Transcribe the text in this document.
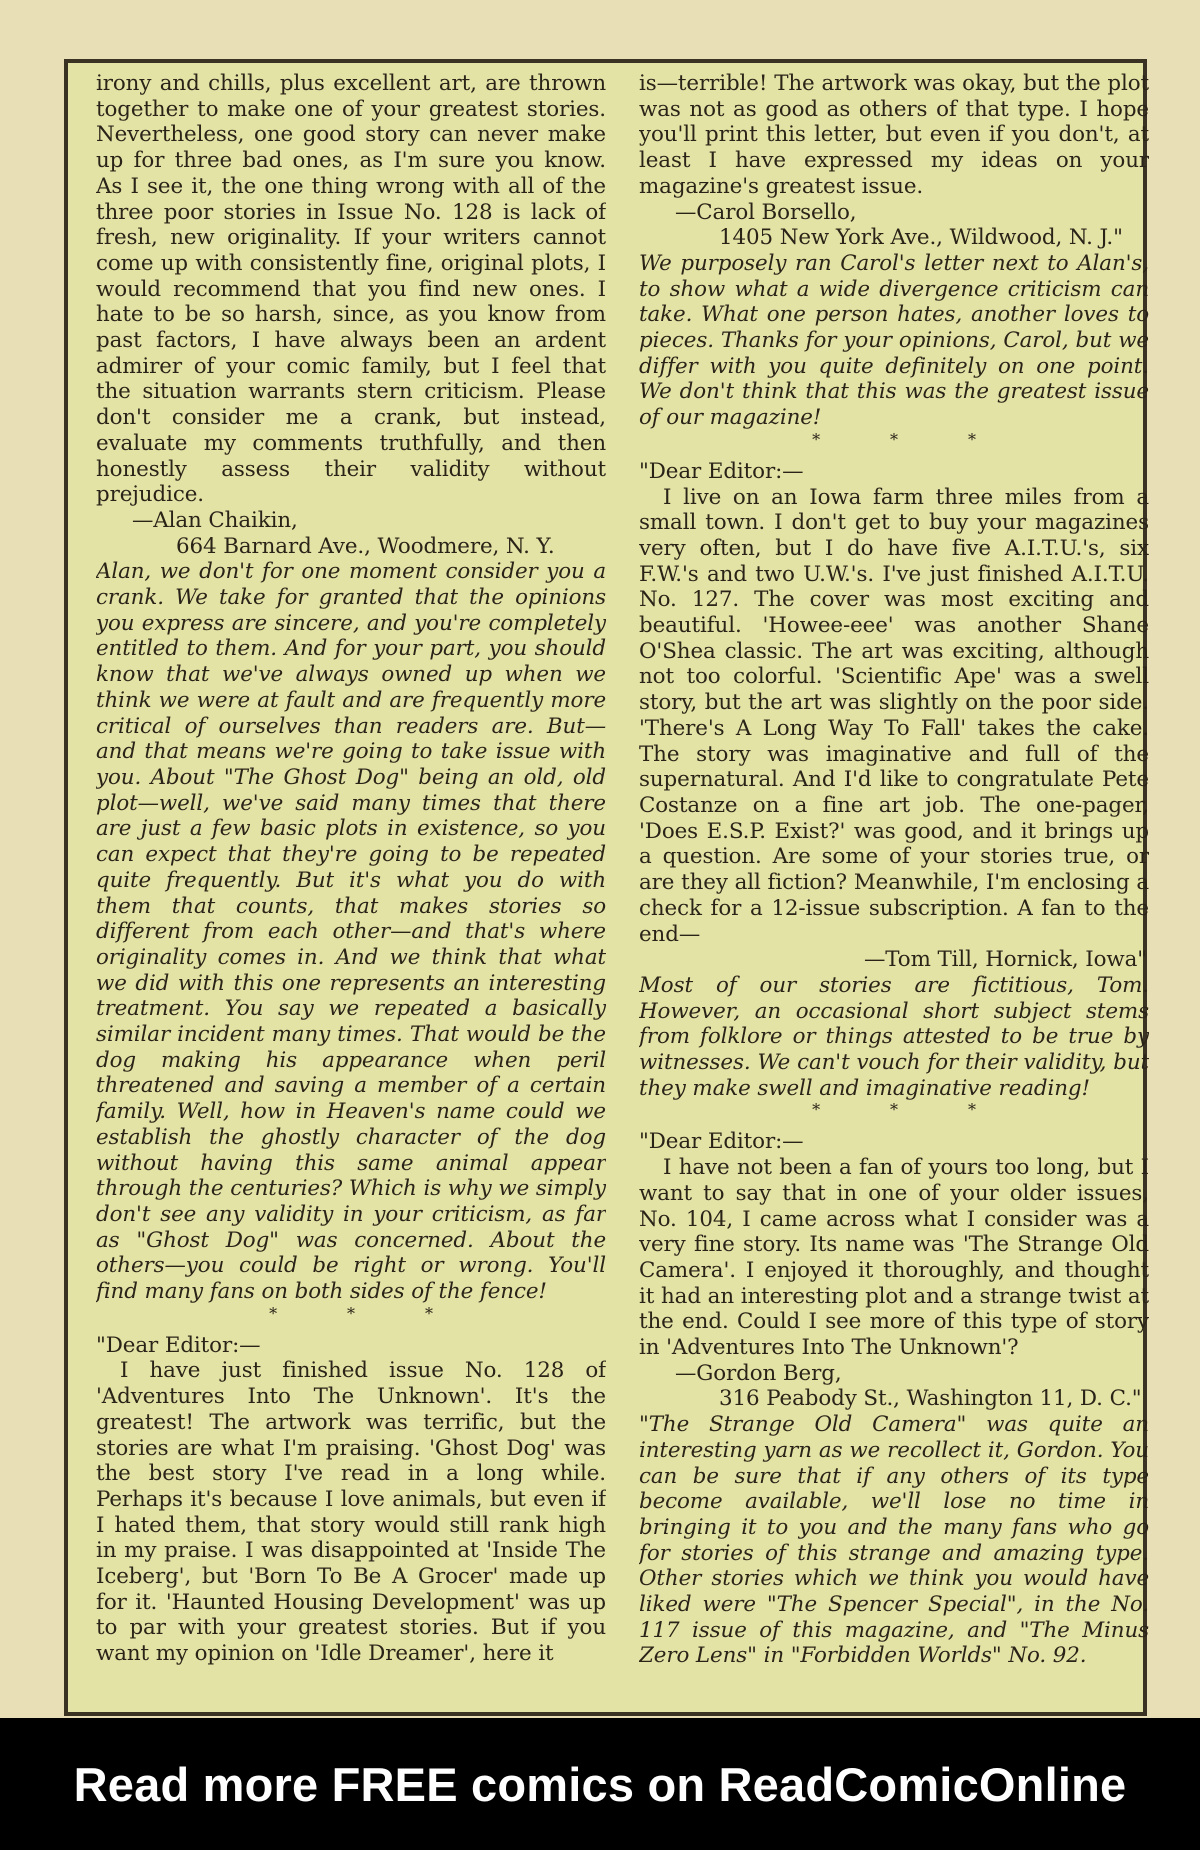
irony and chills, plus excellent art, are thrown together to make one of your greatest stories. Nevertheless, one good story can never make up for three bad ones, as I'm sure you know. As I see it, the one thing wrong with all of the three poor stories in Issue No. 128 is lack of fresh, new originality. If your writers cannot come up with consistently fine, original plots, I would recommend that you find new ones. I hate to be so harsh, since, as you know from past factors, I have always been an ardent admirer of your comic family, but I feel that the situation warrants stern criticism. Please don't consider me a crank, but instead, evaluate my comments truthfully, and then honestly assess their validity without prejudice.

—Alan Chaikin,
664 Barnard Ave., Woodmere, N. Y.

Alan, we don't for one moment consider you a crank. We take for granted that the opinions you express are sincere, and you're completely entitled to them. And for your part, you should know that we've always owned up when we think we were at fault and are frequently more critical of ourselves than readers are. But—and that means we're going to take issue with you. About "The Ghost Dog" being an old, old plot—well, we've said many times that there are just a few basic plots in existence, so you can expect that they're going to be repeated quite frequently. But it's what you do with them that counts, that makes stories so different from each other—and that's where originality comes in. And we think that what we did with this one represents an interesting treatment. You say we repeated a basically similar incident many times. That would be the dog making his appearance when peril threatened and saving a member of a certain family. Well, how in Heaven's name could we establish the ghostly character of the dog without having this same animal appear through the centuries? Which is why we simply don't see any validity in your criticism, as far as "Ghost Dog" was concerned. About the others—you could be right or wrong. You'll find many fans on both sides of the fence!

*	*	*

"Dear Editor:—

I have just finished issue No. 128 of 'Adventures Into The Unknown'. It's the greatest! The artwork was terrific, but the stories are what I'm praising. 'Ghost Dog' was the best story I've read in a long while. Perhaps it's because I love animals, but even if I hated them, that story would still rank high in my praise. I was disappointed at 'Inside The Iceberg', but 'Born To Be A Grocer' made up for it. 'Haunted Housing Development' was up to par with your greatest stories. But if you want my opinion on 'Idle Dreamer', here it

is—terrible! The artwork was okay, but the plot was not as good as others of that type. I hope you'll print this letter, but even if you don't, at least I have expressed my ideas on your magazine's greatest issue.

—Carol Borsello,
1405 New York Ave., Wildwood, N. J."

We purposely ran Carol's letter next to Alan's, to show what a wide divergence criticism can take. What one person hates, another loves to pieces. Thanks for your opinions, Carol, but we differ with you quite definitely on one point. We don't think that this was the greatest issue of our magazine!

*	*	*

"Dear Editor:—

I live on an Iowa farm three miles from a small town. I don't get to buy your magazines very often, but I do have five A.I.T.U.'s, six F.W.'s and two U.W.'s. I've just finished A.I.T.U. No. 127. The cover was most exciting and beautiful. 'Howee-eee' was another Shane O'Shea classic. The art was exciting, although not too colorful. 'Scientific Ape' was a swell story, but the art was slightly on the poor side. 'There's A Long Way To Fall' takes the cake. The story was imaginative and full of the supernatural. And I'd like to congratulate Pete Costanze on a fine art job. The one-pager, 'Does E.S.P. Exist?' was good, and it brings up a question. Are some of your stories true, or are they all fiction? Meanwhile, I'm enclosing a check for a 12-issue subscription. A fan to the end—

—Tom Till, Hornick, Iowa"

Most of our stories are fictitious, Tom. However, an occasional short subject stems from folklore or things attested to be true by witnesses. We can't vouch for their validity, but they make swell and imaginative reading!

*	*	*

"Dear Editor:—

I have not been a fan of yours too long, but I want to say that in one of your older issues, No. 104, I came across what I consider was a very fine story. Its name was 'The Strange Old Camera'. I enjoyed it thoroughly, and thought it had an interesting plot and a strange twist at the end. Could I see more of this type of story in 'Adventures Into The Unknown'?

—Gordon Berg,
316 Peabody St., Washington 11, D. C."

"The Strange Old Camera" was quite an interesting yarn as we recollect it, Gordon. You can be sure that if any others of its type become available, we'll lose no time in bringing it to you and the many fans who go for stories of this strange and amazing type. Other stories which we think you would have liked were "The Spencer Special", in the No. 117 issue of this magazine, and "The Minus Zero Lens" in "Forbidden Worlds" No. 92.

Read more FREE comics on ReadComicOnline
